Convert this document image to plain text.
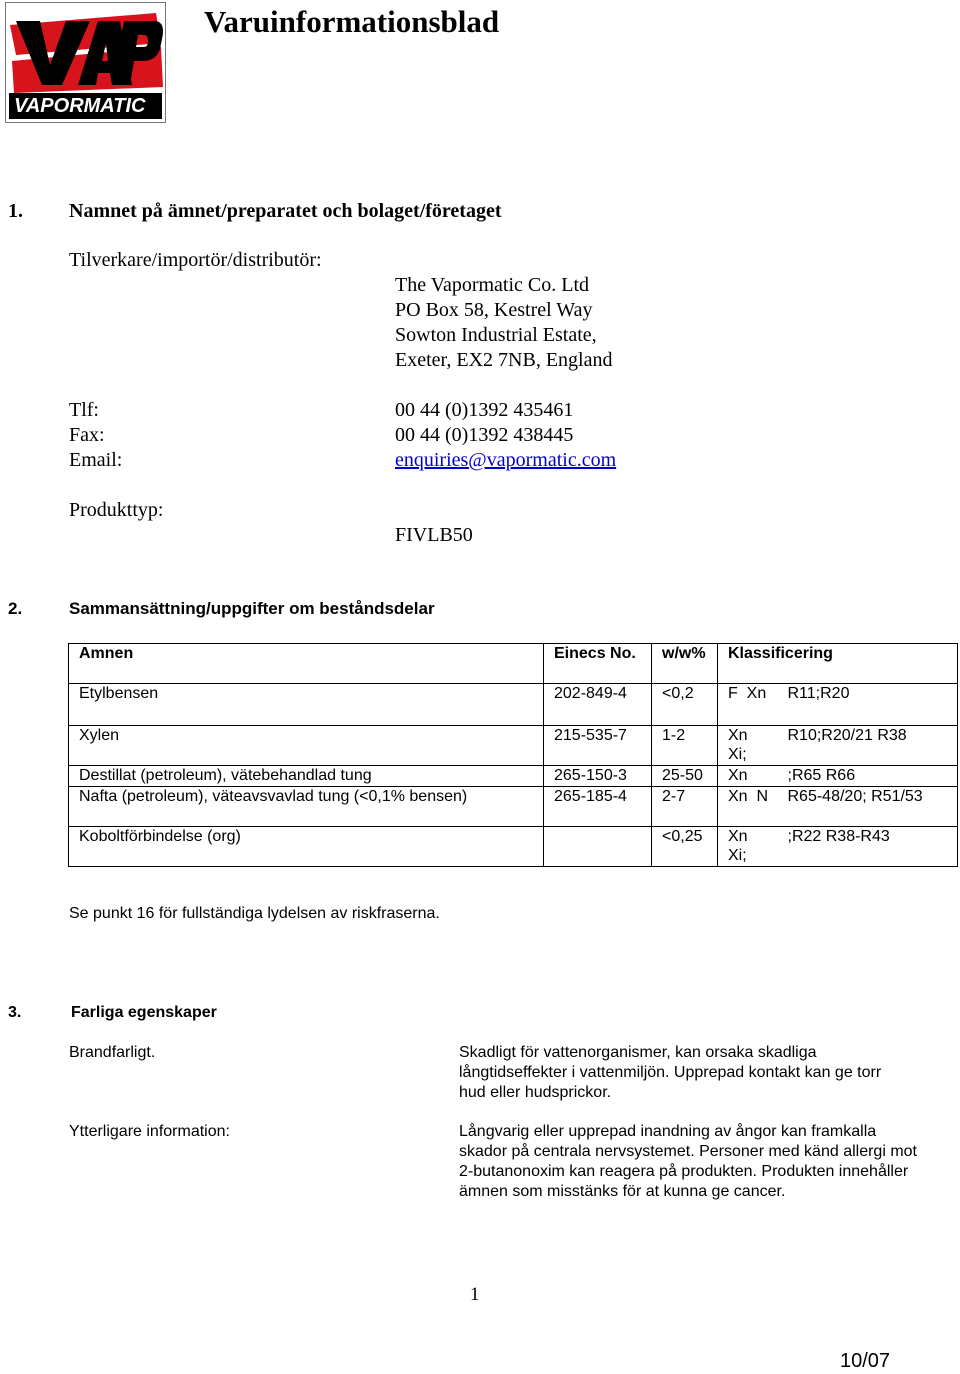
VAPORMATIC
Varuinformationsblad
1. Namnet på ämnet/preparatet och bolaget/företaget
Tilverkare/importör/distributör:
The Vapormatic Co. Ltd
PO Box 58, Kestrel Way
Sowton Industrial Estate,
Exeter, EX2 7NB, England
Tlf:	00 44 (0)1392 435461
Fax:	00 44 (0)1392 438445
Email:	enquiries@vapormatic.com
Produkttyp:
FIVLB50
2.	Sammansättning/uppgifter om beståndsdelar
Amnen	Einecs No.	w/w%	Klassificering	
Etylbensen	202-849-4	<0,2	F  Xn	R11;R20
Xylen	215-535-7	1-2	Xn Xi;	R10;R20/21 R38
Destillat (petroleum), vätebehandlad tung	265-150-3	25-50	Xn	;R65 R66
Nafta (petroleum), väteavsvavlad tung (<0,1% bensen)	265-185-4	2-7	Xn  N	R65-48/20; R51/53
Koboltförbindelse (org)		<0,25	Xn Xi;	;R22 R38-R43
Se punkt 16 för fullständiga lydelsen av riskfraserna.
3.	Farliga egenskaper
Brandfarligt.	Skadligt för vattenorganismer, kan orsaka skadliga långtidseffekter i vattenmiljön. Upprepad kontakt kan ge torr hud eller hudsprickor.
Ytterligare information:	Långvarig eller upprepad inandning av ångor kan framkalla skador på centrala nervsystemet. Personer med känd allergi mot 2-butanonoxim kan reagera på produkten. Produkten innehåller ämnen som misstänks för at kunna ge cancer.
1
10/07
